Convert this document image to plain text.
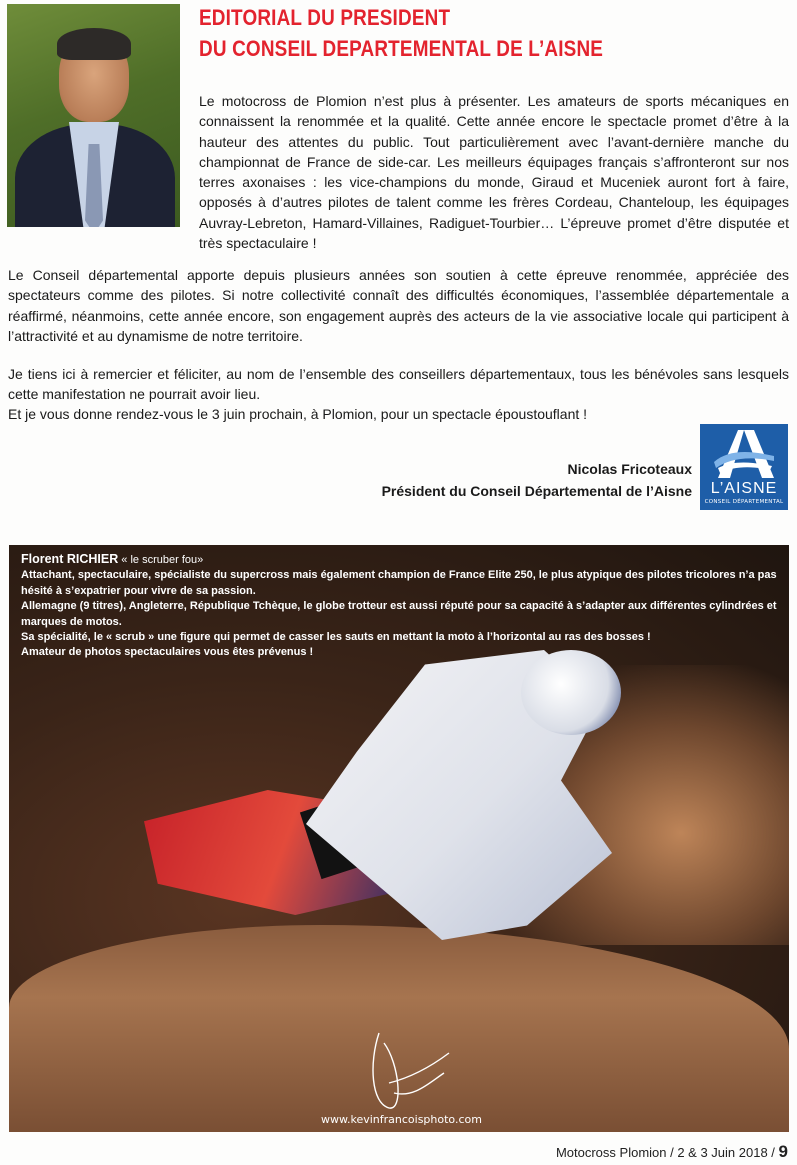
EDITORIAL DU PRESIDENT
DU CONSEIL DEPARTEMENTAL DE L’AISNE

Le motocross de Plomion n’est plus à présenter. Les amateurs de sports mécaniques en connaissent la renommée et la qualité. Cette année encore le spectacle promet d’être à la hauteur des attentes du public. Tout particulièrement avec l’avant-dernière manche du championnat de France de side-car. Les meilleurs équipages français s’affronteront sur nos terres axonaises : les vice-champions du monde, Giraud et Muceniek auront fort à faire, opposés à d’autres pilotes de talent comme les frères Cordeau, Chanteloup, les équipages Auvray-Lebreton, Hamard-Villaines, Radiguet-Tourbier… L’épreuve promet d’être disputée et très spectaculaire !

Le Conseil départemental apporte depuis plusieurs années son soutien à cette épreuve renommée, appréciée des spectateurs comme des pilotes. Si notre collectivité connaît des difficultés économiques, l’assemblée départementale a réaffirmé, néanmoins, cette année encore, son engagement auprès des acteurs de la vie associative locale qui participent à l’attractivité et au dynamisme de notre territoire.

Je tiens ici à remercier et féliciter, au nom de l’ensemble des conseillers départementaux, tous les bénévoles sans lesquels cette manifestation ne pourrait avoir lieu.

Et je vous donne rendez-vous le 3 juin prochain, à Plomion, pour un spectacle époustouflant !

Nicolas Fricoteaux
Président du Conseil Départemental de l’Aisne	L’AISNE
CONSEIL DÉPARTEMENTAL
Florent RICHIER « le scruber fou»
Attachant, spectaculaire, spécialiste du supercross mais également champion de France Elite 250, le plus atypique des pilotes tricolores n’a pas hésité à s’expatrier pour vivre de sa passion.
Allemagne (9 titres), Angleterre, République Tchèque, le globe trotteur est aussi réputé pour sa capacité à s’adapter aux différentes cylindrées et marques de motos.
Sa spécialité, le « scrub » une figure qui permet de casser les sauts en mettant la moto à l’horizontal au ras des bosses !
Amateur de photos spectaculaires vous êtes prévenus !
www.kevinfrancoisphoto.com
Motocross Plomion / 2 & 3 Juin 2018 / 9
